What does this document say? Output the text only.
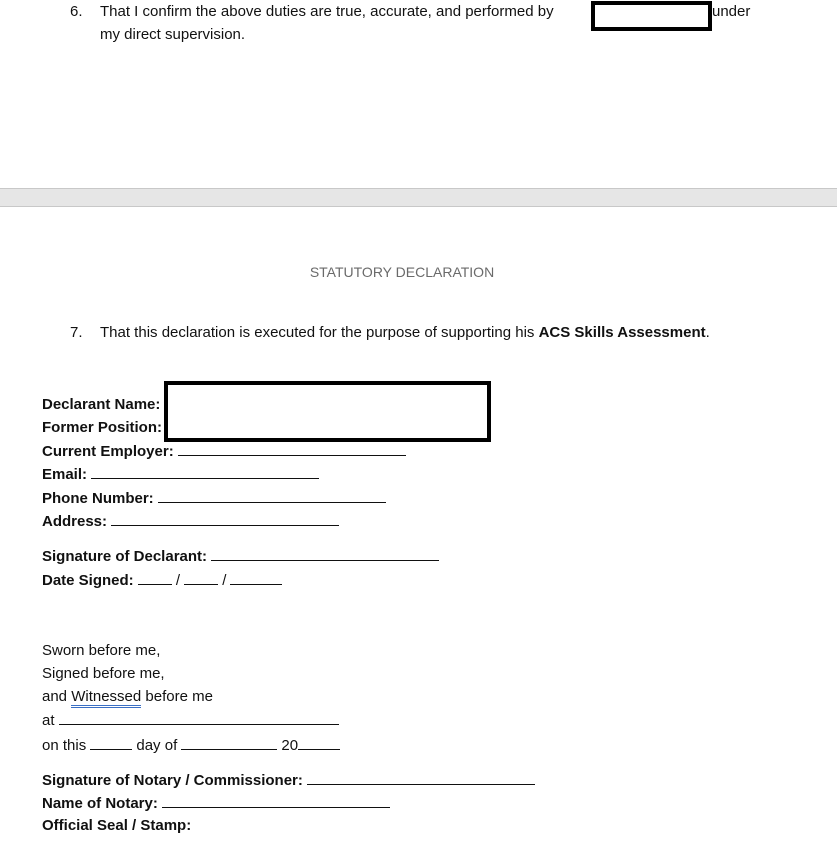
6. That I confirm the above duties are true, accurate, and performed by	under
my direct supervision.
STATUTORY DECLARATION
7. That this declaration is executed for the purpose of supporting his ACS Skills Assessment.
Declarant Name:
Former Position:
Current Employer:
Email:
Phone Number:
Address:
Signature of Declarant:
Date Signed:	/	/
Sworn before me,
Signed before me,
and Witnessed before me
at
on this	day of	20
Signature of Notary / Commissioner:
Name of Notary:
Official Seal / Stamp:
